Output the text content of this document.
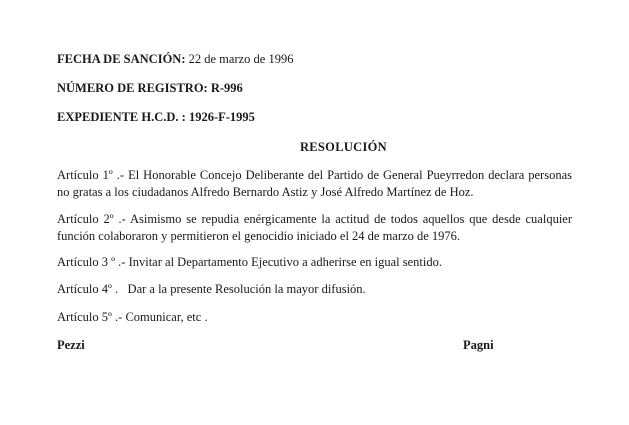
FECHA DE SANCIÓN: 22 de marzo de 1996
NÚMERO DE REGISTRO: R-996
EXPEDIENTE H.C.D. : 1926-F-1995
RESOLUCIÓN
Artículo 1º .- El Honorable Concejo Deliberante del Partido de General Pueyrredon declara personas no gratas a los ciudadanos Alfredo Bernardo Astiz y José Alfredo Martínez de Hoz.
Artículo 2º .- Asimismo se repudia enérgicamente la actitud de todos aquellos que desde cualquier función colaboraron y permitieron el genocidio iniciado el 24 de marzo de 1976.
Artículo 3 º .- Invitar al Departamento Ejecutivo a adherirse en igual sentido.
Artículo 4º . Dar a la presente Resolución la mayor difusión.
Artículo 5º .- Comunicar, etc .
Pezzi	Pagni
